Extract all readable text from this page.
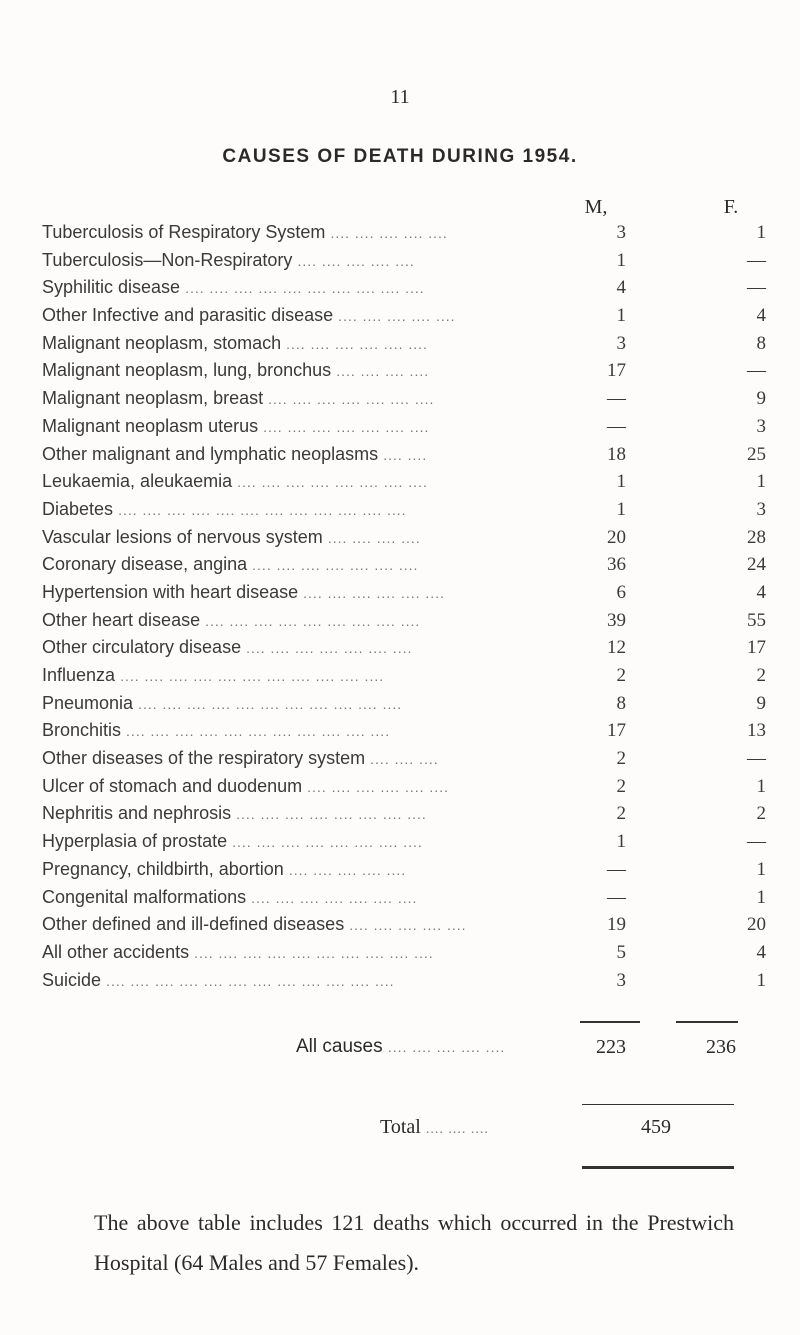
11
CAUSES OF DEATH DURING 1954.
M,	F.
Tuberculosis of Respiratory System .... .... .... .... ....	3	1
Tuberculosis—Non-Respiratory .... .... .... .... ....	1	—
Syphilitic disease .... .... .... .... .... .... .... .... .... ....	4	—
Other Infective and parasitic disease .... .... .... .... ....	1	4
Malignant neoplasm, stomach .... .... .... .... .... ....	3	8
Malignant neoplasm, lung, bronchus .... .... .... ....	17	—
Malignant neoplasm, breast .... .... .... .... .... .... ....	—	9
Malignant neoplasm uterus .... .... .... .... .... .... ....	—	3
Other malignant and lymphatic neoplasms .... ....	18	25
Leukaemia, aleukaemia .... .... .... .... .... .... .... ....	1	1
Diabetes .... .... .... .... .... .... .... .... .... .... .... ....	1	3
Vascular lesions of nervous system .... .... .... ....	20	28
Coronary disease, angina .... .... .... .... .... .... ....	36	24
Hypertension with heart disease .... .... .... .... .... ....	6	4
Other heart disease .... .... .... .... .... .... .... .... ....	39	55
Other circulatory disease .... .... .... .... .... .... ....	12	17
Influenza .... .... .... .... .... .... .... .... .... .... ....	2	2
Pneumonia .... .... .... .... .... .... .... .... .... .... ....	8	9
Bronchitis .... .... .... .... .... .... .... .... .... .... ....	17	13
Other diseases of the respiratory system .... .... ....	2	—
Ulcer of stomach and duodenum .... .... .... .... .... ....	2	1
Nephritis and nephrosis .... .... .... .... .... .... .... ....	2	2
Hyperplasia of prostate .... .... .... .... .... .... .... ....	1	—
Pregnancy, childbirth, abortion .... .... .... .... ....	—	1
Congenital malformations .... .... .... .... .... .... ....	—	1
Other defined and ill-defined diseases .... .... .... .... ....	19	20
All other accidents .... .... .... .... .... .... .... .... .... ....	5	4
Suicide .... .... .... .... .... .... .... .... .... .... .... ....	3	1
All causes .... .... .... .... ....	223	236
Total .... .... ....	459
The above table includes 121 deaths which occurred in the Prestwich Hospital (64 Males and 57 Females).
